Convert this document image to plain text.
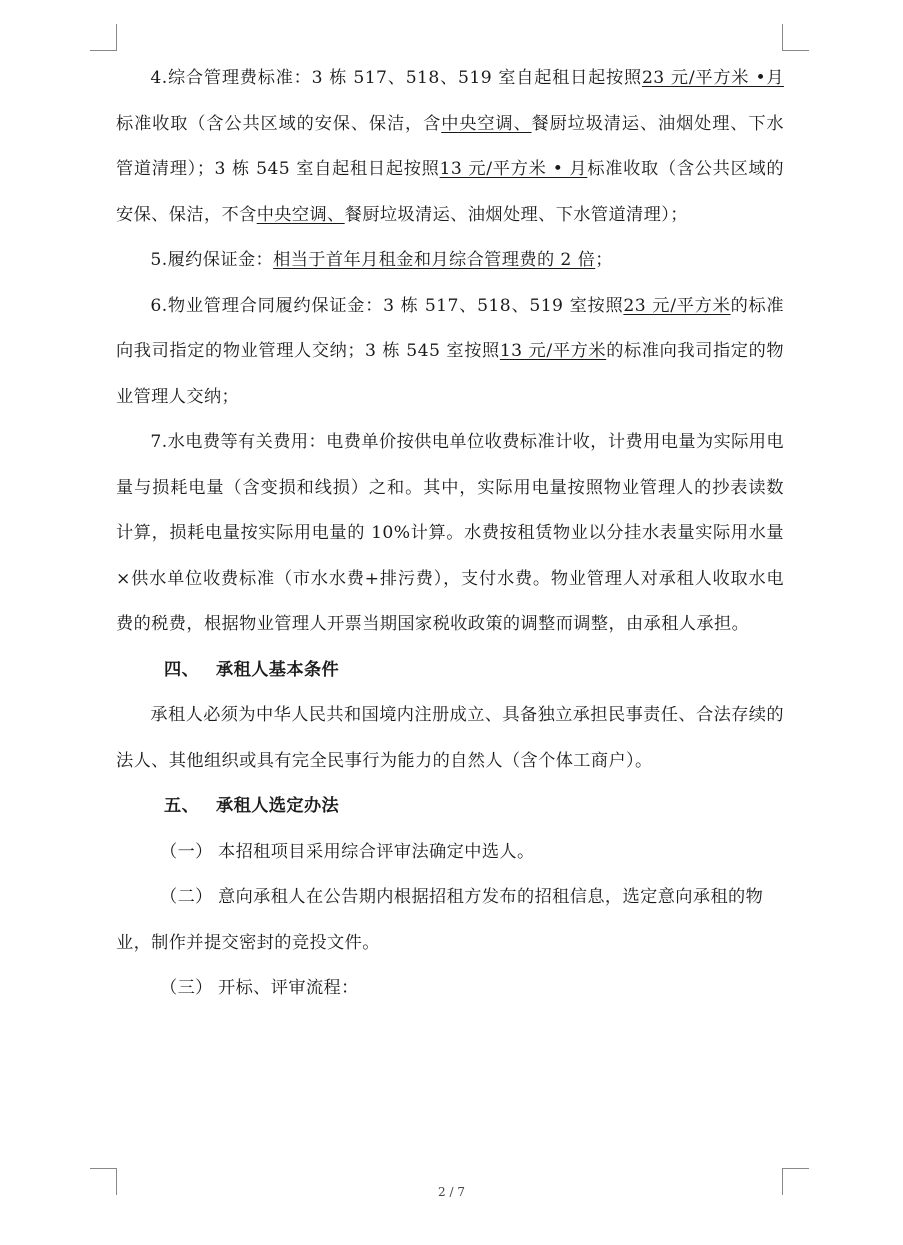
4.综合管理费标准：3 栋 517、518、519 室自起租日起按照23 元/平方米 •月标准收取（含公共区域的安保、保洁，含中央空调、餐厨垃圾清运、油烟处理、下水管道清理）；3 栋 545 室自起租日起按照13 元/平方米 • 月标准收取（含公共区域的安保、保洁，不含中央空调、餐厨垃圾清运、油烟处理、下水管道清理）；

5.履约保证金：相当于首年月租金和月综合管理费的 2 倍；

6.物业管理合同履约保证金：3 栋 517、518、519 室按照23 元/平方米的标准向我司指定的物业管理人交纳；3 栋 545 室按照13 元/平方米的标准向我司指定的物业管理人交纳；

7.水电费等有关费用：电费单价按供电单位收费标准计收，计费用电量为实际用电量与损耗电量（含变损和线损）之和。其中，实际用电量按照物业管理人的抄表读数计算，损耗电量按实际用电量的 10%计算。水费按租赁物业以分挂水表量实际用水量×供水单位收费标准（市水水费+排污费），支付水费。物业管理人对承租人收取水电费的税费，根据物业管理人开票当期国家税收政策的调整而调整，由承租人承担。

四、 承租人基本条件

承租人必须为中华人民共和国境内注册成立、具备独立承担民事责任、合法存续的法人、其他组织或具有完全民事行为能力的自然人（含个体工商户）。

五、 承租人选定办法

（一） 本招租项目采用综合评审法确定中选人。

（二） 意向承租人在公告期内根据招租方发布的招租信息，选定意向承租的物业，制作并提交密封的竞投文件。

（三） 开标、评审流程：

2 / 7
